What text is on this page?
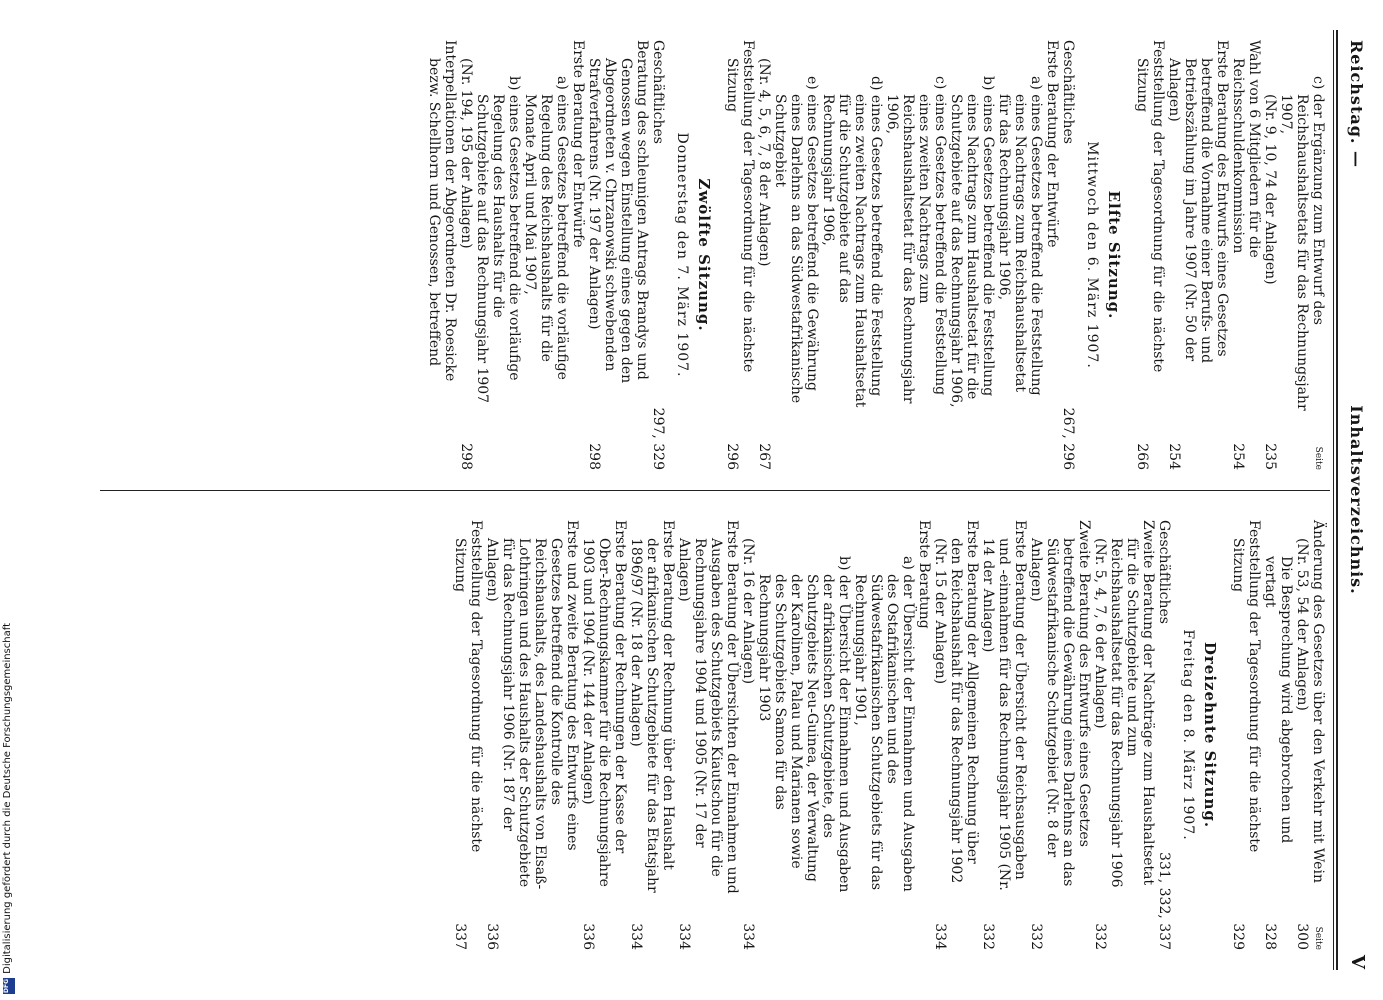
Reichstag. —
Inhaltsverzeichnis.
V
Seite
c) der Ergänzung zum Entwurf des Reichshaushaltsetats für das Rechnungsjahr 1907,
(Nr. 9, 10, 74 der Anlagen)
235
Wahl von 6 Mitgliedern für die Reichsschuldenkommission
254
Erste Beratung des Entwurfs eines Gesetzes betreffend die Vornahme einer Berufs- und Betriebszählung im Jahre 1907 (Nr. 50 der Anlagen)
254
Feststellung der Tagesordnung für die nächste Sitzung
266
Elfte Sitzung.
Mittwoch den 6. März 1907.
Geschäftliches
267, 296
Erste Beratung der Entwürfe
a) eines Gesetzes betreffend die Feststellung eines Nachtrags zum Reichshaushaltsetat für das Rechnungsjahr 1906,
b) eines Gesetzes betreffend die Feststellung eines Nachtrags zum Haushaltsetat für die Schutzgebiete auf das Rechnungsjahr 1906,
c) eines Gesetzes betreffend die Feststellung eines zweiten Nachtrags zum Reichshaushaltsetat für das Rechnungsjahr 1906,
d) eines Gesetzes betreffend die Feststellung eines zweiten Nachtrags zum Haushaltsetat für die Schutzgebiete auf das Rechnungsjahr 1906,
e) eines Gesetzes betreffend die Gewährung eines Darlehns an das Südwestafrikanische Schutzgebiet
(Nr. 4, 5, 6, 7, 8 der Anlagen)
267
Feststellung der Tagesordnung für die nächste Sitzung
296
Zwölfte Sitzung.
Donnerstag den 7. März 1907.
Geschäftliches
297, 329
Beratung des schleunigen Antrags Brandys und Genossen wegen Einstellung eines gegen den Abgeordneten v. Chrzanowski schwebenden Strafverfahrens (Nr. 197 der Anlagen)
298
Erste Beratung der Entwürfe
a) eines Gesetzes betreffend die vorläufige Regelung des Reichshaushalts für die Monate April und Mai 1907,
b) eines Gesetzes betreffend die vorläufige Regelung des Haushalts für die Schutzgebiete auf das Rechnungsjahr 1907
(Nr. 194, 195 der Anlagen)
298
Interpellationen der Abgeordneten Dr. Roesicke bezw. Schellhorn und Genossen, betreffend
Seite
Änderung des Gesetzes über den Verkehr mit Wein (Nr. 53, 54 der Anlagen)
300
Die Besprechung wird abgebrochen und vertagt
328
Feststellung der Tagesordnung für die nächste Sitzung
329
Dreizehnte Sitzung.
Freitag den 8. März 1907.
Geschäftliches
331, 332, 337
Zweite Beratung der Nachträge zum Haushaltsetat für die Schutzgebiete und zum Reichshaushaltsetat für das Rechnungsjahr 1906 (Nr. 5, 4, 7, 6 der Anlagen)
332
Zweite Beratung des Entwurfs eines Gesetzes betreffend die Gewährung eines Darlehns an das Südwestafrikanische Schutzgebiet (Nr. 8 der Anlagen)
332
Erste Beratung der Übersicht der Reichsausgaben und -einnahmen für das Rechnungsjahr 1905 (Nr. 14 der Anlagen)
332
Erste Beratung der Allgemeinen Rechnung über den Reichshaushalt für das Rechnungsjahr 1902 (Nr. 15 der Anlagen)
334
Erste Beratung
a) der Übersicht der Einnahmen und Ausgaben des Ostafrikanischen und des Südwestafrikanischen Schutzgebiets für das Rechnungsjahr 1901,
b) der Übersicht der Einnahmen und Ausgaben der afrikanischen Schutzgebiete, des Schutzgebiets Neu-Guinea, der Verwaltung der Karolinen, Palau und Marianen sowie des Schutzgebiets Samoa für das Rechnungsjahr 1903
(Nr. 16 der Anlagen)
334
Erste Beratung der Übersichten der Einnahmen und Ausgaben des Schutzgebiets Kiautschou für die Rechnungsjahre 1904 und 1905 (Nr. 17 der Anlagen)
334
Erste Beratung der Rechnung über den Haushalt der afrikanischen Schutzgebiete für das Etatsjahr 1896/97 (Nr. 18 der Anlagen)
334
Erste Beratung der Rechnungen der Kasse der Ober-Rechnungskammer für die Rechnungsjahre 1903 und 1904 (Nr. 144 der Anlagen)
336
Erste und zweite Beratung des Entwurfs eines Gesetzes betreffend die Kontrolle des Reichshaushalts, des Landeshaushalts von Elsaß-Lothringen und des Haushalts der Schutzgebiete für das Rechnungsjahr 1906 (Nr. 187 der Anlagen)
336
Feststellung der Tagesordnung für die nächste Sitzung
337
Digitalisierung gefördert durch die Deutsche Forschungsgemeinschaft
DFG
